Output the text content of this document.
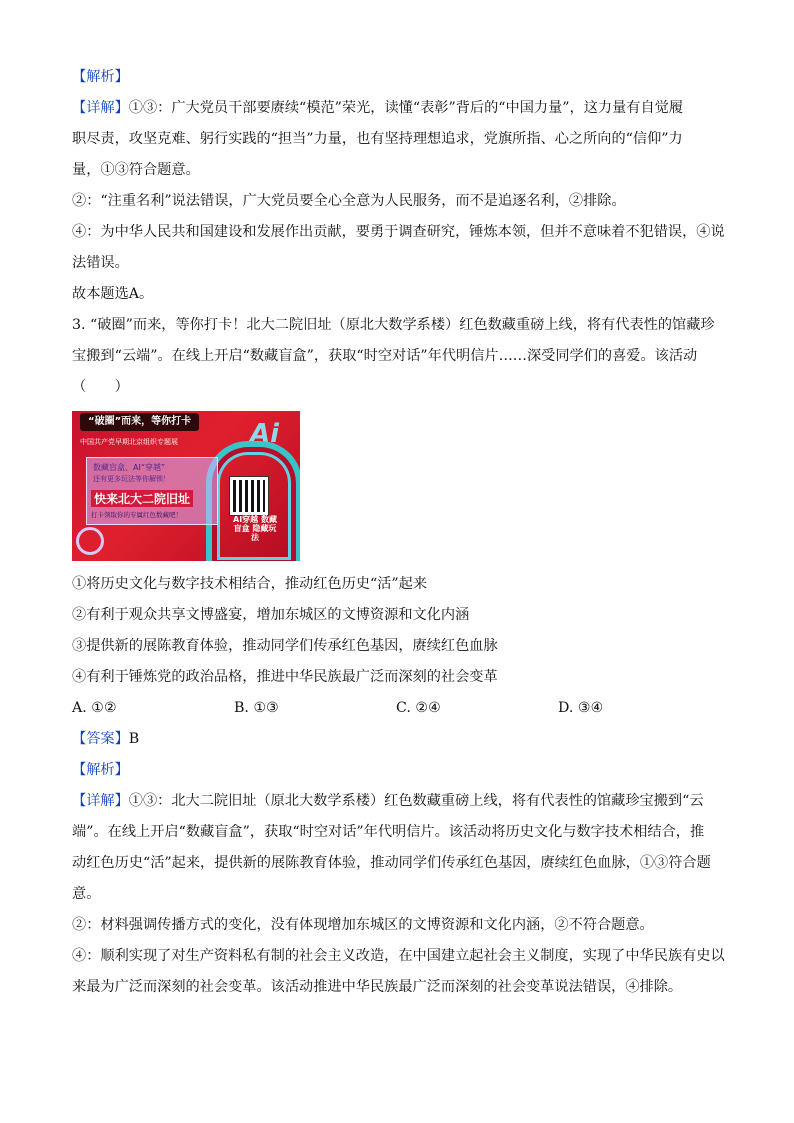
【解析】
【详解】①③：广大党员干部要赓续“模范”荣光，读懂“表彰”背后的“中国力量”，这力量有自觉履
职尽责，攻坚克难、躬行实践的“担当”力量，也有坚持理想追求，党旗所指、心之所向的“信仰”力
量，①③符合题意。
②：“注重名利”说法错误，广大党员要全心全意为人民服务，而不是追逐名利，②排除。
④：为中华人民共和国建设和发展作出贡献，要勇于调查研究，锤炼本领，但并不意味着不犯错误，④说
法错误。
故本题选A。
3. “破圈”而来，等你打卡！北大二院旧址（原北大数学系楼）红色数藏重磅上线，将有代表性的馆藏珍
宝搬到“云端”。在线上开启“数藏盲盒”，获取“时空对话”年代明信片……深受同学们的喜爱。该活动
（　　）
“破圈”而来，等你打卡
中国共产党早期北京组织专题展	Ai
AI穿越 数藏盲盒 隐藏玩法
数藏盲盒、AI“穿越”
还有更多玩法等你解锁！
快来北大二院旧址
打卡领取你的专属红色数藏吧！
①将历史文化与数字技术相结合，推动红色历史“活”起来
②有利于观众共享文博盛宴，增加东城区的文博资源和文化内涵
③提供新的展陈教育体验，推动同学们传承红色基因，赓续红色血脉
④有利于锤炼党的政治品格，推进中华民族最广泛而深刻的社会变革
A. ①②	B. ①③	C. ②④	D. ③④
【答案】B
【解析】
【详解】①③：北大二院旧址（原北大数学系楼）红色数藏重磅上线，将有代表性的馆藏珍宝搬到“云
端”。在线上开启“数藏盲盒”，获取“时空对话”年代明信片。该活动将历史文化与数字技术相结合，推
动红色历史“活”起来，提供新的展陈教育体验，推动同学们传承红色基因，赓续红色血脉，①③符合题
意。
②：材料强调传播方式的变化，没有体现增加东城区的文博资源和文化内涵，②不符合题意。
④：顺利实现了对生产资料私有制的社会主义改造，在中国建立起社会主义制度，实现了中华民族有史以
来最为广泛而深刻的社会变革。该活动推进中华民族最广泛而深刻的社会变革说法错误，④排除。
